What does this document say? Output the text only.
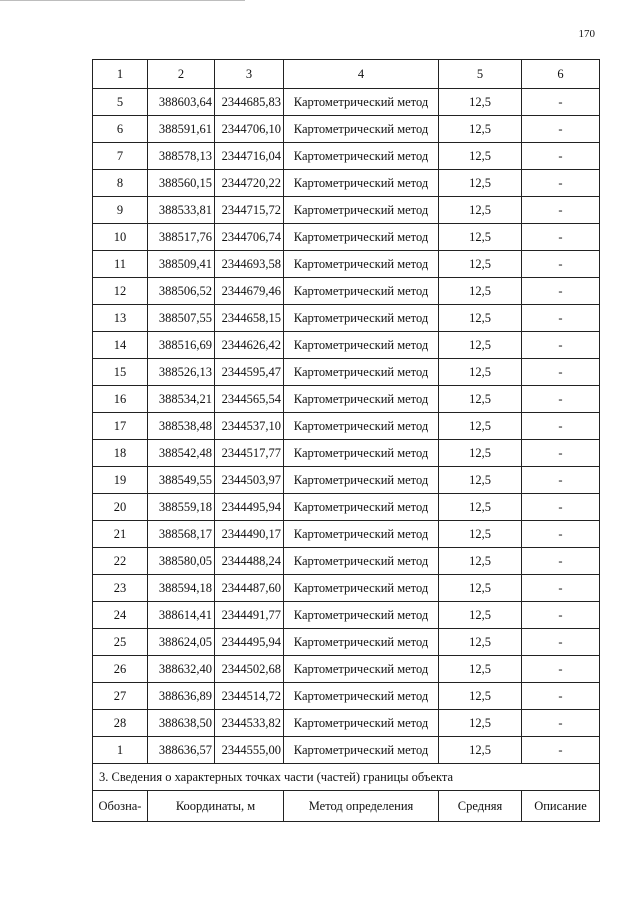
170
1	2	3	4	5	6
5	388603,64	2344685,83	Картометрический метод	12,5	-
6	388591,61	2344706,10	Картометрический метод	12,5	-
7	388578,13	2344716,04	Картометрический метод	12,5	-
8	388560,15	2344720,22	Картометрический метод	12,5	-
9	388533,81	2344715,72	Картометрический метод	12,5	-
10	388517,76	2344706,74	Картометрический метод	12,5	-
11	388509,41	2344693,58	Картометрический метод	12,5	-
12	388506,52	2344679,46	Картометрический метод	12,5	-
13	388507,55	2344658,15	Картометрический метод	12,5	-
14	388516,69	2344626,42	Картометрический метод	12,5	-
15	388526,13	2344595,47	Картометрический метод	12,5	-
16	388534,21	2344565,54	Картометрический метод	12,5	-
17	388538,48	2344537,10	Картометрический метод	12,5	-
18	388542,48	2344517,77	Картометрический метод	12,5	-
19	388549,55	2344503,97	Картометрический метод	12,5	-
20	388559,18	2344495,94	Картометрический метод	12,5	-
21	388568,17	2344490,17	Картометрический метод	12,5	-
22	388580,05	2344488,24	Картометрический метод	12,5	-
23	388594,18	2344487,60	Картометрический метод	12,5	-
24	388614,41	2344491,77	Картометрический метод	12,5	-
25	388624,05	2344495,94	Картометрический метод	12,5	-
26	388632,40	2344502,68	Картометрический метод	12,5	-
27	388636,89	2344514,72	Картометрический метод	12,5	-
28	388638,50	2344533,82	Картометрический метод	12,5	-
1	388636,57	2344555,00	Картометрический метод	12,5	-
3. Сведения о характерных точках части (частей) границы объекта					
Обозна-	Координаты, м		Метод определения	Средняя	Описание
